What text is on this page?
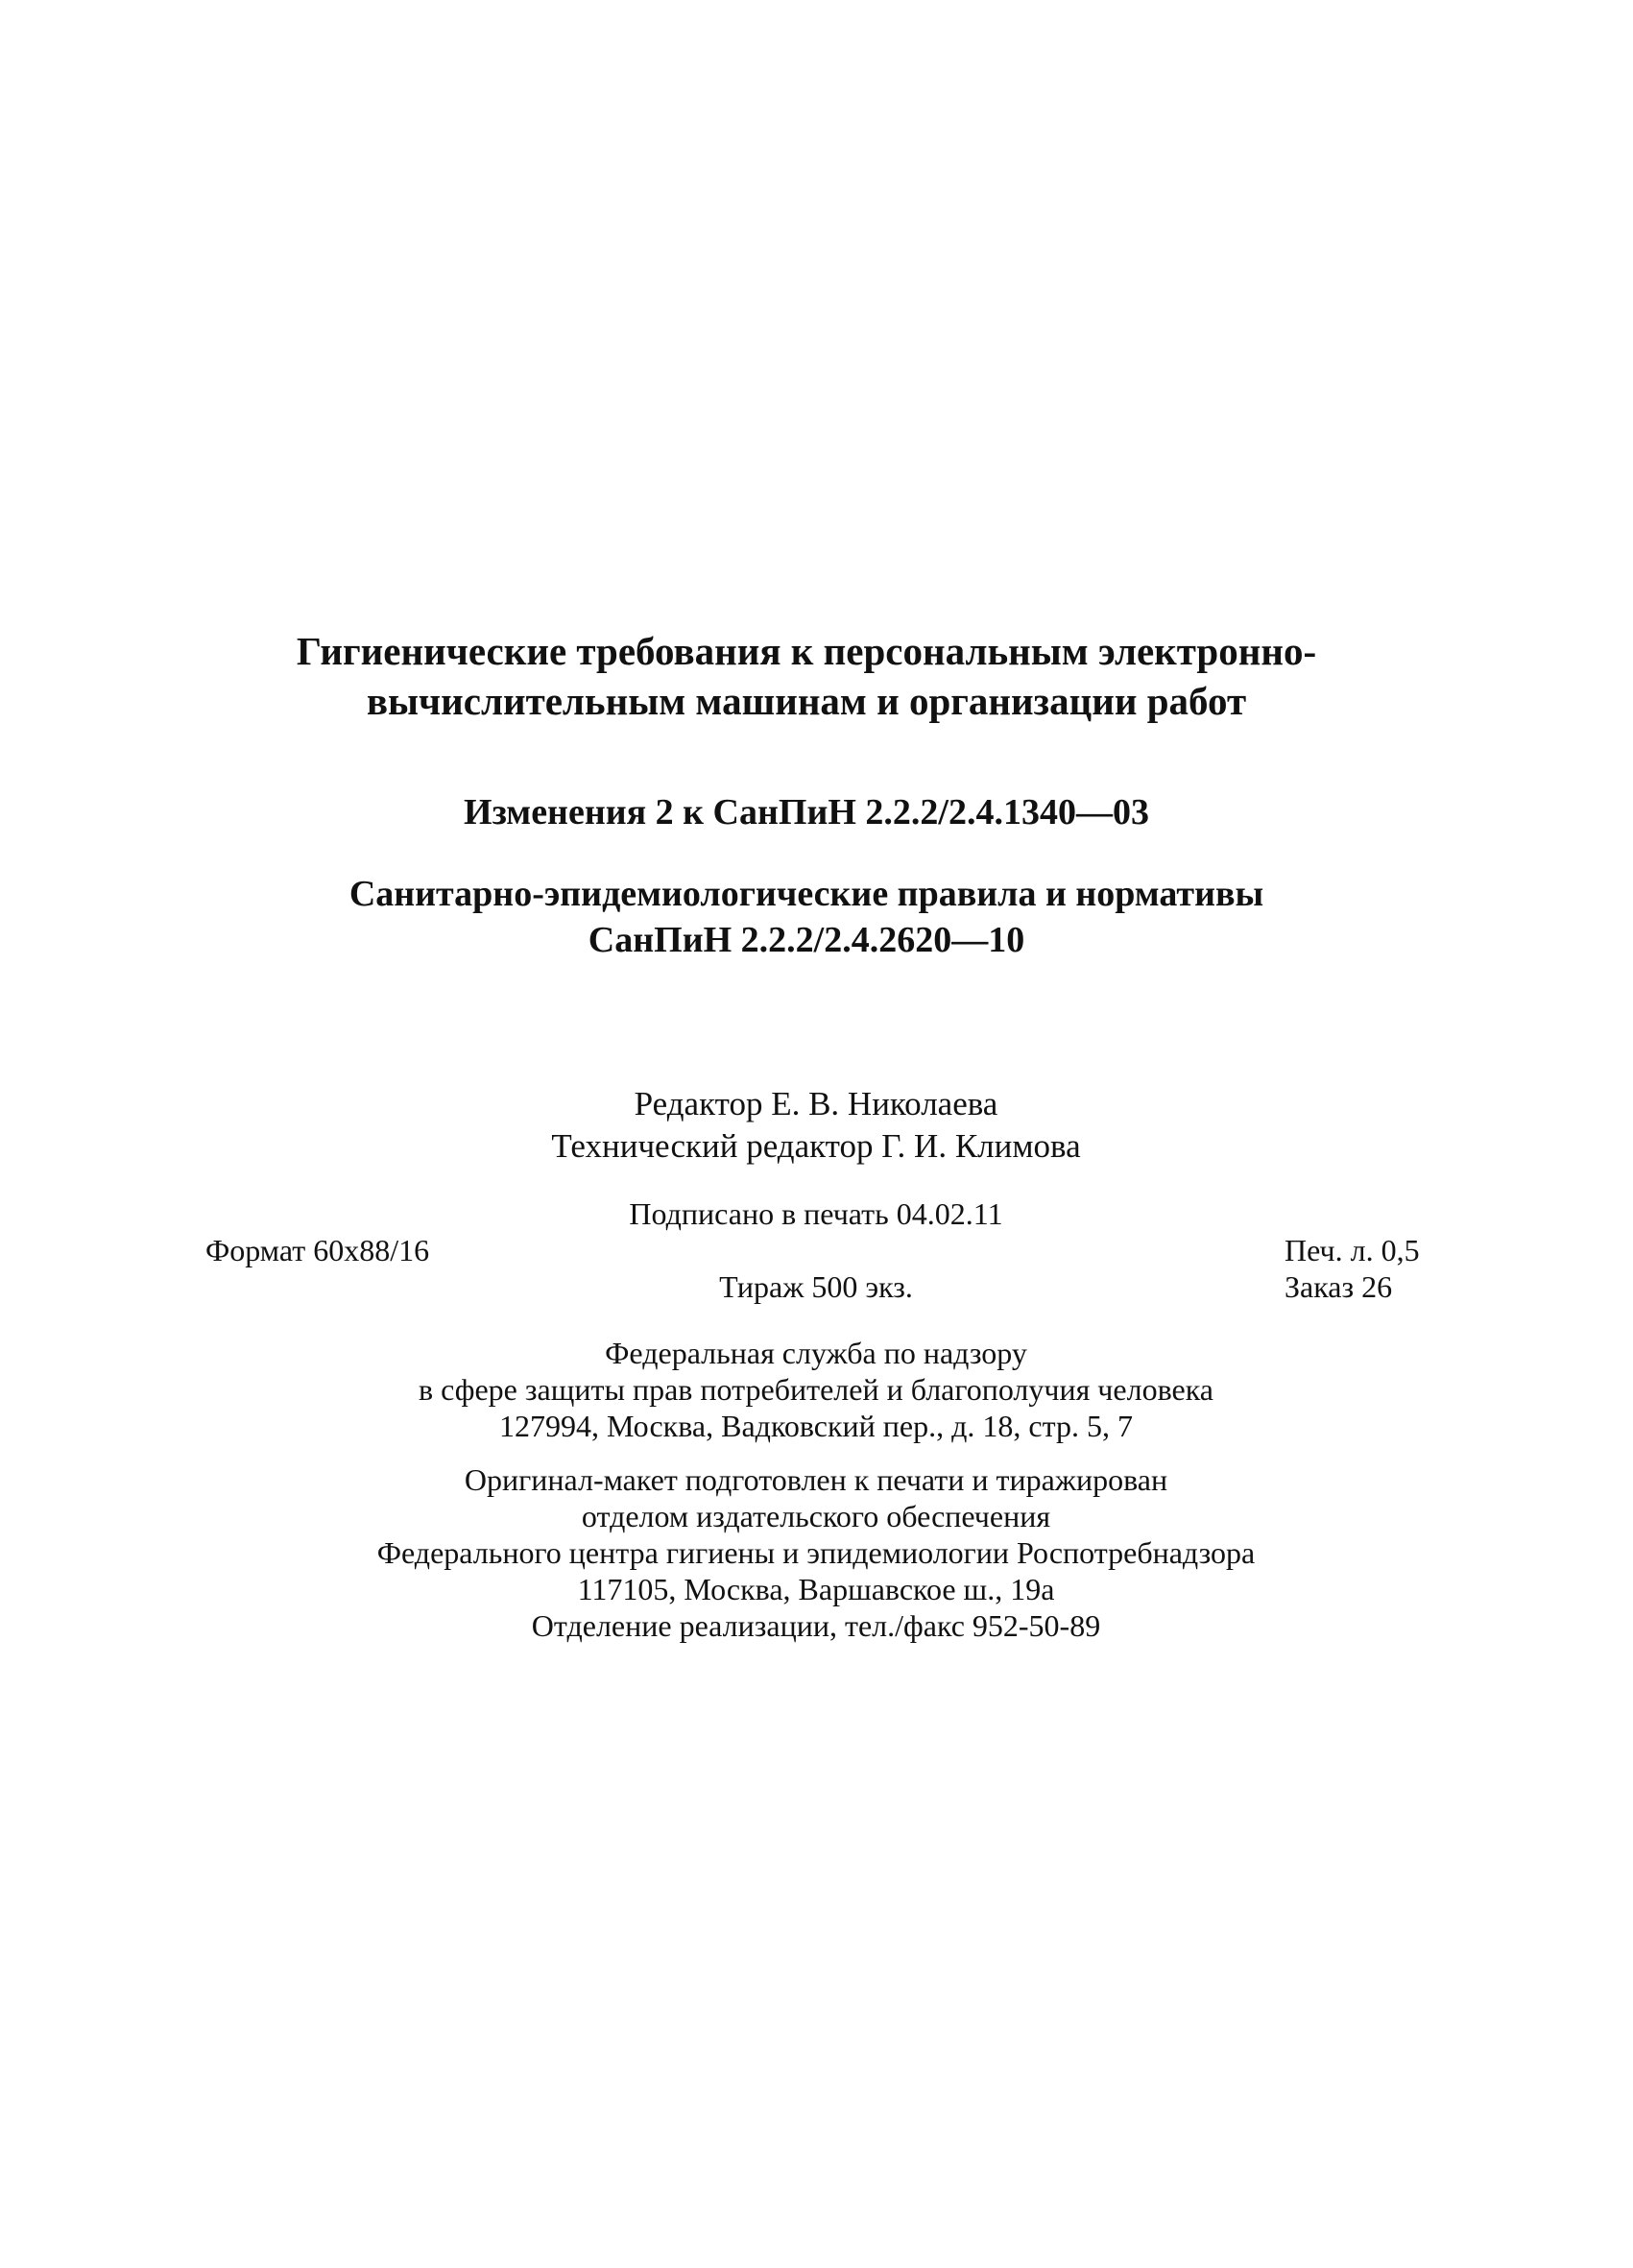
Гигиенические требования к персональным электронно-
вычислительным машинам и организации работ
Изменения 2 к СанПиН 2.2.2/2.4.1340—03
Санитарно-эпидемиологические правила и нормативы
СанПиН 2.2.2/2.4.2620—10
Редактор Е. В. Николаева
Технический редактор Г. И. Климова
Подписано в печать 04.02.11
Формат 60x88/16	Печ. л. 0,5
Тираж 500 экз.	Заказ 26
Федеральная служба по надзору
в сфере защиты прав потребителей и благополучия человека
127994, Москва, Вадковский пер., д. 18, стр. 5, 7
Оригинал-макет подготовлен к печати и тиражирован
отделом издательского обеспечения
Федерального центра гигиены и эпидемиологии Роспотребнадзора
117105, Москва, Варшавское ш., 19а
Отделение реализации, тел./факс 952-50-89
